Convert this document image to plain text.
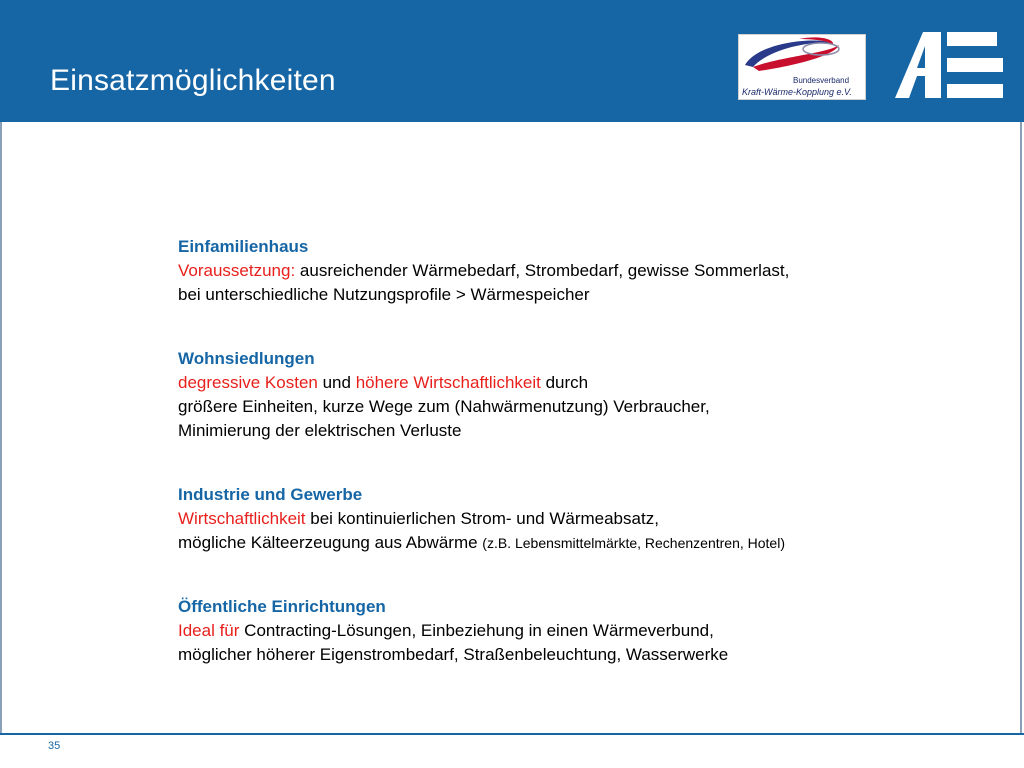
Einsatzmöglichkeiten	Bundesverband
Kraft-Wärme-Kopplung e.V.
Einfamilienhaus
Voraussetzung: ausreichender Wärmebedarf, Strombedarf, gewisse Sommerlast,
bei unterschiedliche Nutzungsprofile > Wärmespeicher
Wohnsiedlungen
degressive Kosten und höhere Wirtschaftlichkeit durch
größere Einheiten, kurze Wege zum (Nahwärmenutzung) Verbraucher,
Minimierung der elektrischen Verluste
Industrie und Gewerbe
Wirtschaftlichkeit bei kontinuierlichen Strom- und Wärmeabsatz,
mögliche Kälteerzeugung aus Abwärme (z.B. Lebensmittelmärkte, Rechenzentren, Hotel)
Öffentliche Einrichtungen
Ideal für Contracting-Lösungen, Einbeziehung in einen Wärmeverbund,
möglicher höherer Eigenstrombedarf, Straßenbeleuchtung, Wasserwerke
35
